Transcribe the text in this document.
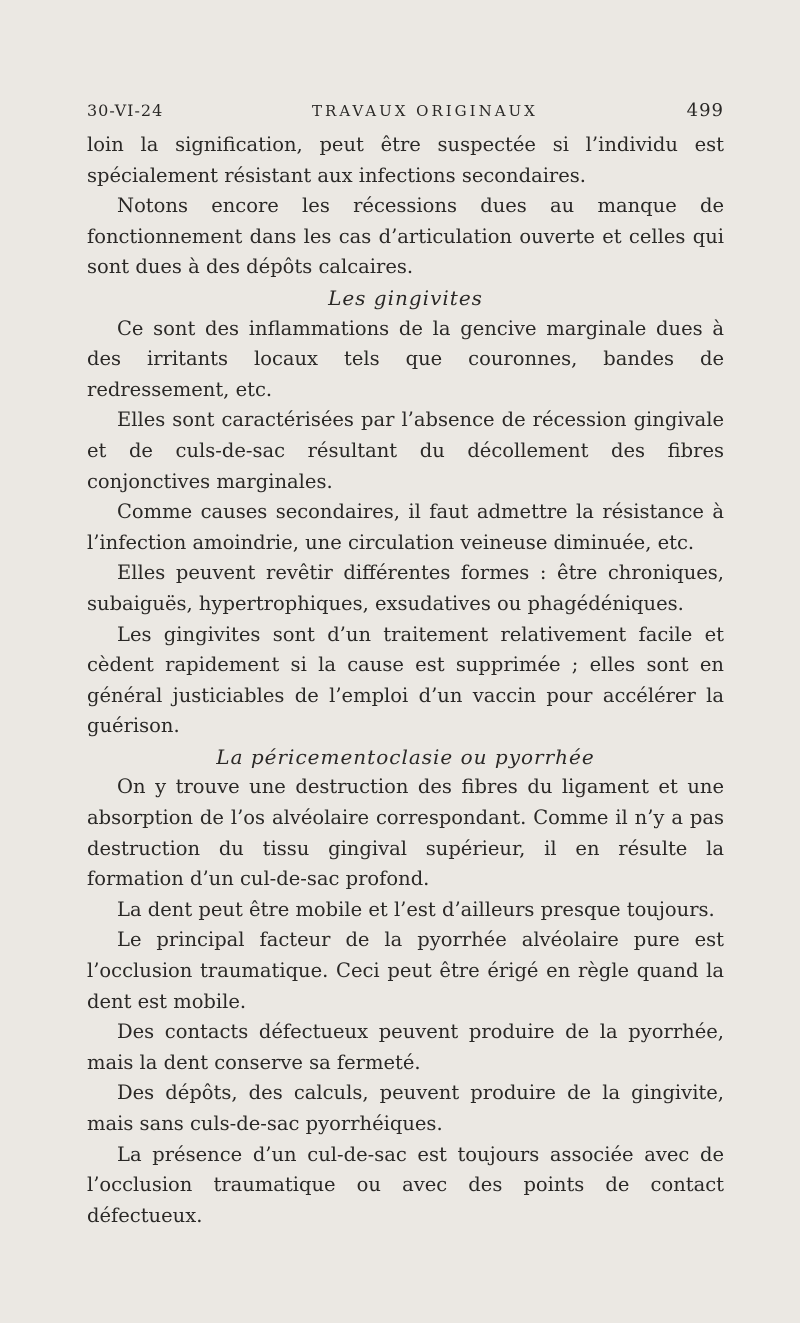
30-VI-24	TRAVAUX ORIGINAUX	499

loin la signification, peut être suspectée si l’individu est spécialement résistant aux infections secondaires.

Notons encore les récessions dues au manque de fonctionnement dans les cas d’articulation ouverte et celles qui sont dues à des dépôts calcaires.

Les gingivites

Ce sont des inflammations de la gencive marginale dues à des irritants locaux tels que couronnes, bandes de redressement, etc.

Elles sont caractérisées par l’absence de récession gingivale et de culs-de-sac résultant du décollement des fibres conjonctives marginales.

Comme causes secondaires, il faut admettre la résistance à l’infection amoindrie, une circulation veineuse diminuée, etc.

Elles peuvent revêtir différentes formes : être chroniques, subaiguës, hypertrophiques, exsudatives ou phagédéniques.

Les gingivites sont d’un traitement relativement facile et cèdent rapidement si la cause est supprimée ; elles sont en général justiciables de l’emploi d’un vaccin pour accélérer la guérison.

La péricementoclasie ou pyorrhée

On y trouve une destruction des fibres du ligament et une absorption de l’os alvéolaire correspondant. Comme il n’y a pas destruction du tissu gingival supérieur, il en résulte la formation d’un cul-de-sac profond.

La dent peut être mobile et l’est d’ailleurs presque toujours.

Le principal facteur de la pyorrhée alvéolaire pure est l’occlusion traumatique. Ceci peut être érigé en règle quand la dent est mobile.

Des contacts défectueux peuvent produire de la pyorrhée, mais la dent conserve sa fermeté.

Des dépôts, des calculs, peuvent produire de la gingivite, mais sans culs-de-sac pyorrhéiques.

La présence d’un cul-de-sac est toujours associée avec de l’occlusion traumatique ou avec des points de contact défectueux.
